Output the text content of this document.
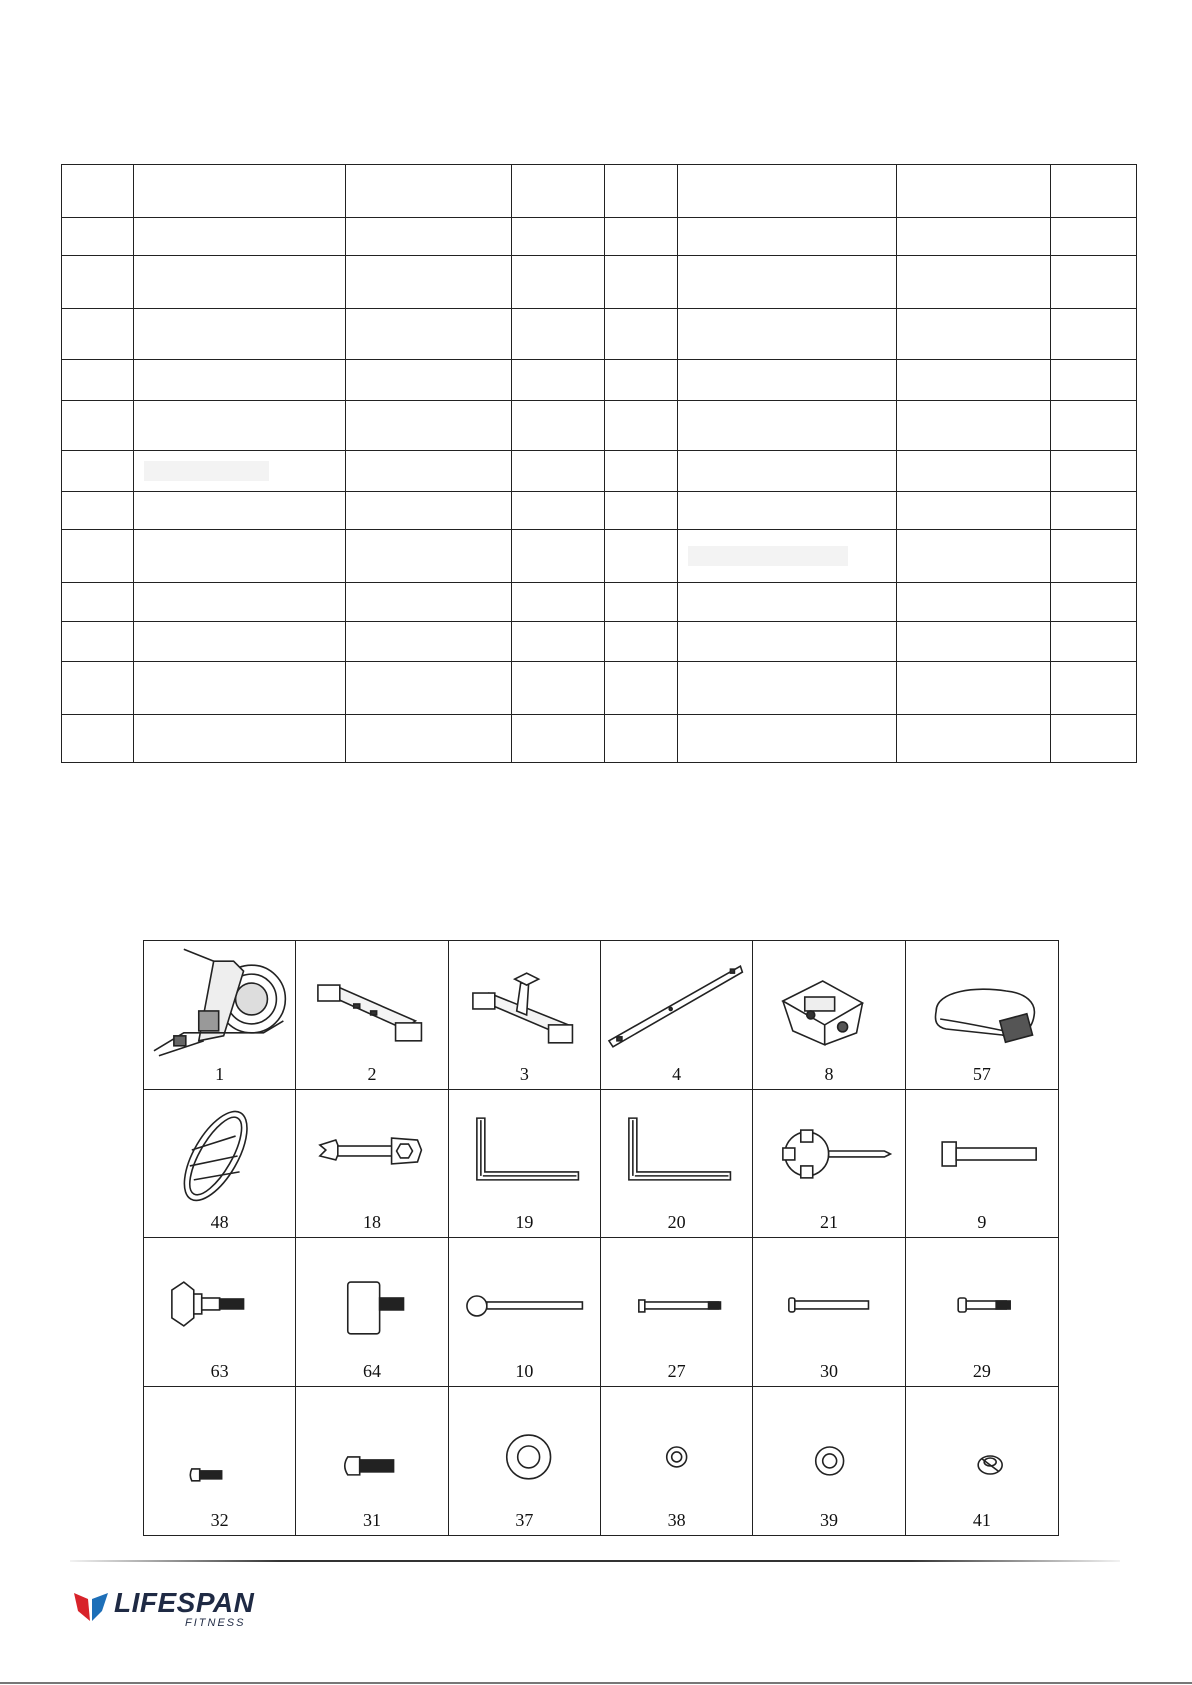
1	2	3	4	8	57
48	18	19	20	21	9
63	64	10	27	30	29
32	31	37	38	39	41
LIFESPAN
FITNESS
